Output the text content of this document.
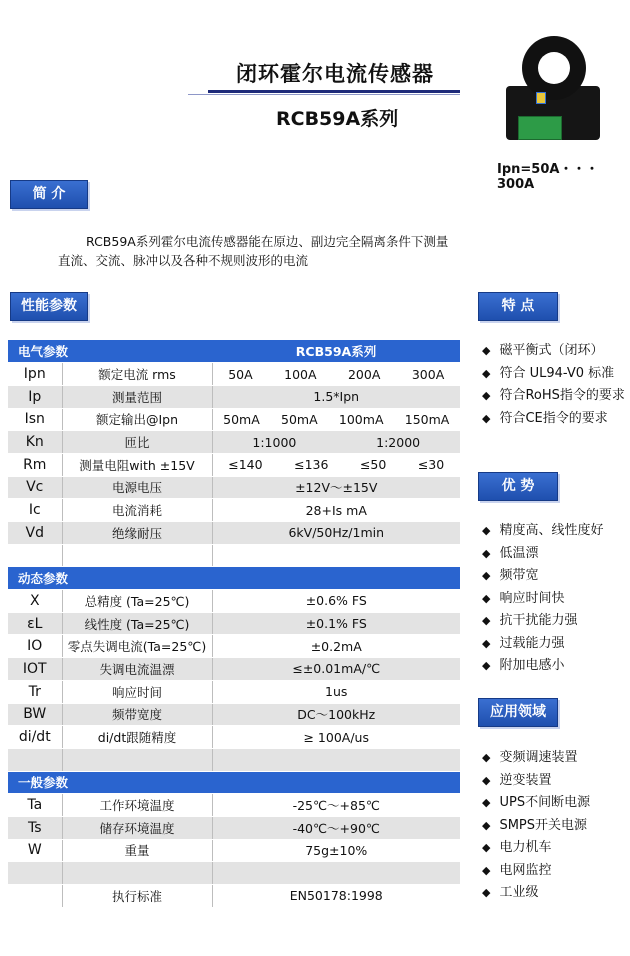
闭环霍尔电流传感器
RCB59A系列
Ipn=50A・・・300A
简 介
RCB59A系列霍尔电流传感器能在原边、副边完全隔离条件下测量直流、交流、脉冲以及各种不规则波形的电流
性能参数
电气参数		RCB59A系列
Ipn	额定电流 rms	50A 100A 200A 300A

Ip	测量范围	1.5*Ipn
Isn	额定输出@Ipn	50mA 50mA 100mA 150mA

Kn	匝比	1:1000 1:2000

Rm	测量电阻with ±15V	≤140 ≤136 ≤50 ≤30

Vc	电源电压	±12V～±15V
Ic	电流消耗	28+Is mA
Vd	绝缘耐压	6kV/50Hz/1min

动态参数		
X	总精度 (Ta=25℃)	±0.6% FS
εL	线性度 (Ta=25℃)	±0.1% FS
IO	零点失调电流(Ta=25℃)	±0.2mA
IOT	失调电流温漂	≤±0.01mA/℃
Tr	响应时间	1us
BW	频带宽度	DC～100kHz
di/dt	di/dt跟随精度	≥ 100A/us

一般参数		
Ta	工作环境温度	-25℃～+85℃
Ts	储存环境温度	-40℃～+90℃
W	重量	75g±10%

	执行标准	EN50178:1998
特 点
◆ 磁平衡式（闭环）
◆ 符合 UL94-V0 标准
◆ 符合RoHS指令的要求
◆ 符合CE指令的要求
优 势
◆ 精度高、线性度好
◆ 低温漂
◆ 频带宽
◆ 响应时间快
◆ 抗干扰能力强
◆ 过载能力强
◆ 附加电感小
应用领域
◆ 变频调速装置
◆ 逆变装置
◆ UPS不间断电源
◆ SMPS开关电源
◆ 电力机车
◆ 电网监控
◆ 工业级
